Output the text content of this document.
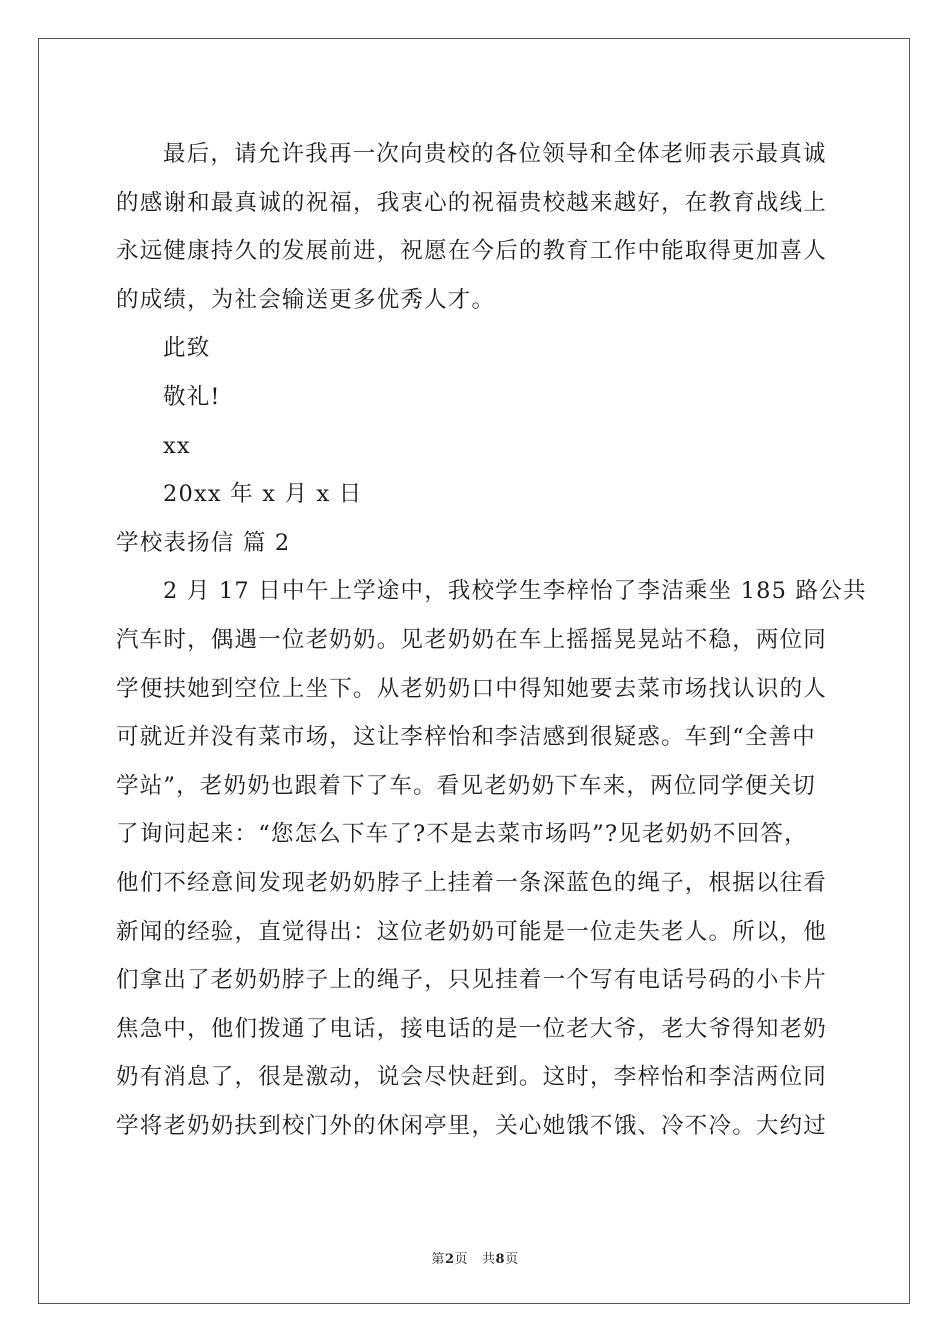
最后，请允许我再一次向贵校的各位领导和全体老师表示最真诚
的感谢和最真诚的祝福，我衷心的祝福贵校越来越好，在教育战线上
永远健康持久的发展前进，祝愿在今后的教育工作中能取得更加喜人
的成绩，为社会输送更多优秀人才。
此致
敬礼!
xx
20xx 年 x 月 x 日
学校表扬信 篇 2
2 月 17 日中午上学途中，我校学生李梓怡了李洁乘坐 185 路公共
汽车时，偶遇一位老奶奶。见老奶奶在车上摇摇晃晃站不稳，两位同
学便扶她到空位上坐下。从老奶奶口中得知她要去菜市场找认识的人
可就近并没有菜市场，这让李梓怡和李洁感到很疑惑。车到“全善中
学站”，老奶奶也跟着下了车。看见老奶奶下车来，两位同学便关切
了询问起来：“您怎么下车了?不是去菜市场吗”?见老奶奶不回答，
他们不经意间发现老奶奶脖子上挂着一条深蓝色的绳子，根据以往看
新闻的经验，直觉得出：这位老奶奶可能是一位走失老人。所以，他
们拿出了老奶奶脖子上的绳子，只见挂着一个写有电话号码的小卡片
焦急中，他们拨通了电话，接电话的是一位老大爷，老大爷得知老奶
奶有消息了，很是激动，说会尽快赶到。这时，李梓怡和李洁两位同
学将老奶奶扶到校门外的休闲亭里，关心她饿不饿、冷不冷。大约过
第2页 共8页
